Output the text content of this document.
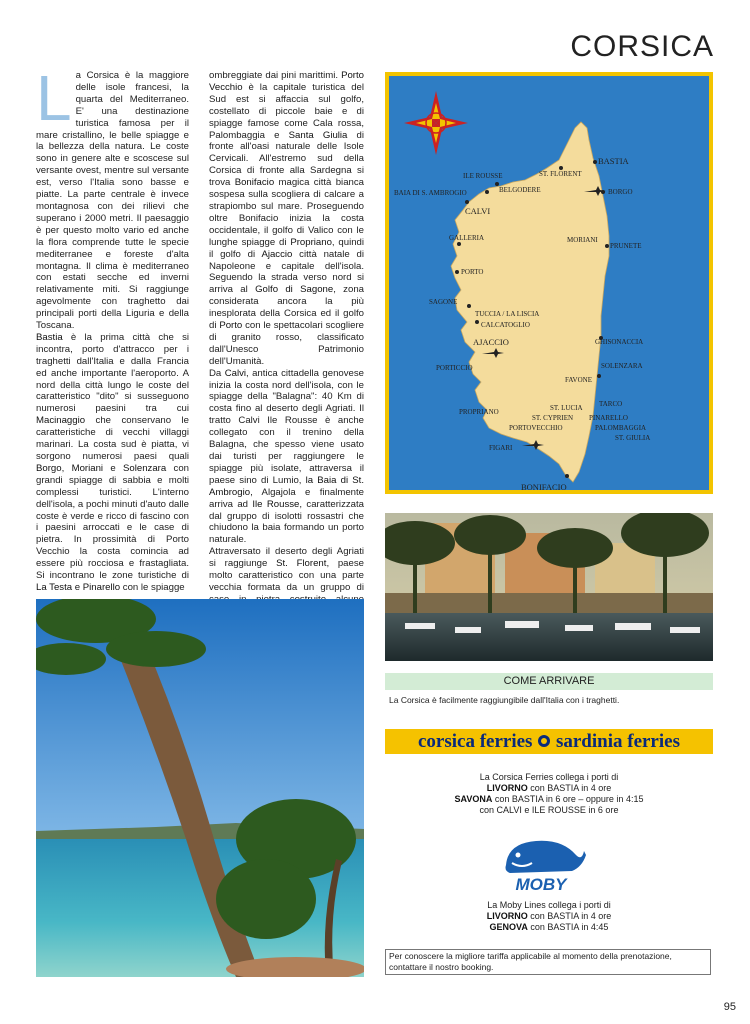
CORSICA
L a Corsica è la maggiore delle isole francesi, la quarta del Mediterraneo. E' una destinazione turistica famosa per il mare cristallino, le belle spiagge e la bellezza della natura. Le coste sono in genere alte e scoscese sul versante ovest, mentre sul versante est, verso l'Italia sono basse e piatte. La parte centrale è invece montagnosa con dei rilievi che superano i 2000 metri. Il paesaggio è per questo molto vario ed anche la flora comprende tutte le specie mediterranee e foreste d'alta montagna. Il clima è mediterraneo con estati secche ed inverni relativamente miti. Si raggiunge agevolmente con traghetto dai principali porti della Liguria e della Toscana.

Bastia è la prima città che si incontra, porto d'attracco per i traghetti dall'Italia e dalla Francia ed anche importante l'aeroporto. A nord della città lungo le coste del caratteristico "dito" si susseguono numerosi paesini tra cui Macinaggio che conservano le caratteristiche di vecchi villaggi marinari. La costa sud è piatta, vi sorgono numerosi paesi quali Borgo, Moriani e Solenzara con grandi spiagge di sabbia e molti complessi turistici. L'interno dell'isola, a pochi minuti d'auto dalle coste è verde e ricco di fascino con i paesini arroccati e le case di pietra. In prossimità di Porto Vecchio la costa comincia ad essere più rocciosa e frastagliata. Si incontrano le zone turistiche di La Testa e Pinarello con le spiagge

ombreggiate dai pini marittimi. Porto Vecchio è la capitale turistica del Sud est si affaccia sul golfo, costellato di piccole baie e di spiagge famose come Cala rossa, Palombaggia e Santa Giulia di fronte all'oasi naturale delle Isole Cervicali. All'estremo sud della Corsica di fronte alla Sardegna si trova Bonifacio magica città bianca sospesa sulla scogliera di calcare a strapiombo sul mare. Proseguendo oltre Bonifacio inizia la costa occidentale, il golfo di Valico con le lunghe spiagge di Propriano, quindi il golfo di Ajaccio città natale di Napoleone e capitale dell'isola. Seguendo la strada verso nord si arriva al Golfo di Sagone, zona considerata ancora la più inesplorata della Corsica ed il golfo di Porto con le spettacolari scogliere di granito rosso, classificato dall'Unesco Patrimonio dell'Umanità.

Da Calvi, antica cittadella genovese inizia la costa nord dell'isola, con le spiagge della "Balagna": 40 Km di costa fino al deserto degli Agriati. Il tratto Calvi Ile Rousse è anche collegato con il trenino della Balagna, che spesso viene usato dai turisti per raggiungere le spiagge più isolate, attraversa il paese sino di Lumio, la Baia di St. Ambrogio, Algajola e finalmente arriva ad Ile Rousse, caratterizzata dal gruppo di isolotti rossastri che chiudono la baia formando un porto naturale.

Attraversato il deserto degli Agriati si raggiunge St. Florent, paese molto caratteristico con una parte vecchia formata da un gruppo di

BASTIA
ST. FLORENT
ILE ROUSSE
BELGODERE
BAIA DI S. AMBROGIO	BORGO
CALVI
GALLERIA	MORIANI
PRUNETE
PORTO
SAGONE
TUCCIA / LA LISCIA
CALCATOGLIO
AJACCIO	GHISONACCIA
PORTICCIO	SOLENZARA
FAVONE
TARCO
ST. LUCIA
PINARELLO
PROPRIANO
ST. CYPRIEN
PORTOVECCHIO	PALOMBAGGIA
ST. GIULIA
FIGARI
BONIFACIO
COME ARRIVARE
La Corsica è facilmente raggiungibile dall'Italia con i traghetti.
corsica ferries sardinia ferries
La Corsica Ferries collega i porti di
LIVORNO con BASTIA in 4 ore
SAVONA con BASTIA in 6 ore – oppure in 4:15
con CALVI e ILE ROUSSE in 6 ore
MOBY
La Moby Lines collega i porti di
LIVORNO con BASTIA in 4 ore
GENOVA con BASTIA in 4:45
Per conoscere la migliore tariffa applicabile al momento della prenotazione, contattare il nostro booking.
95
